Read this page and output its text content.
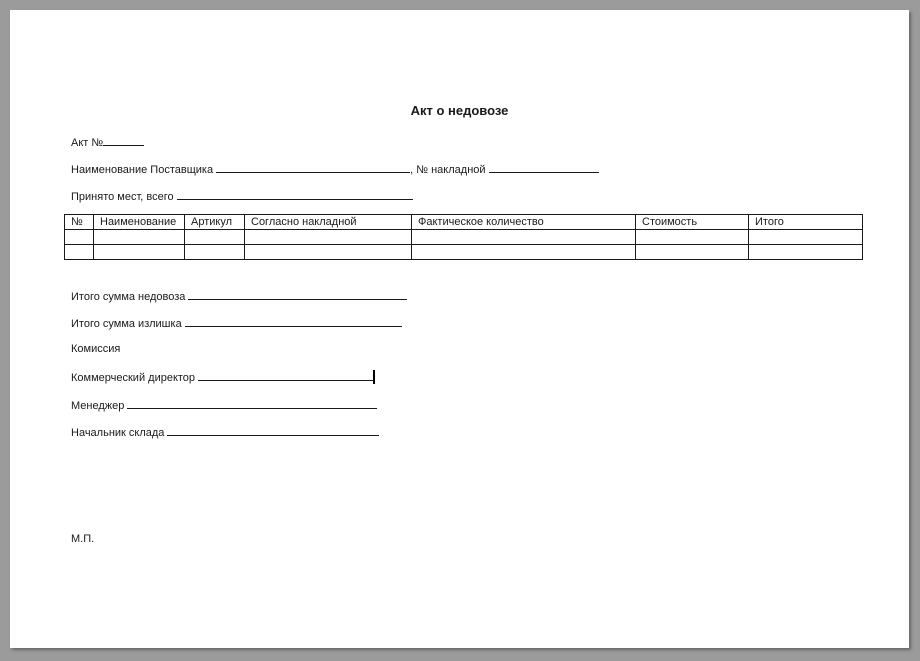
Акт о недовозе
Акт №
Наименование Поставщика	, № накладной
Принято мест, всего
№	Наименование	Артикул	Согласно накладной	Фактическое количество	Стоимость	Итого

Итого сумма недовоза
Итого сумма излишка
Комиссия
Коммерческий директор
Менеджер
Начальник склада
М.П.
